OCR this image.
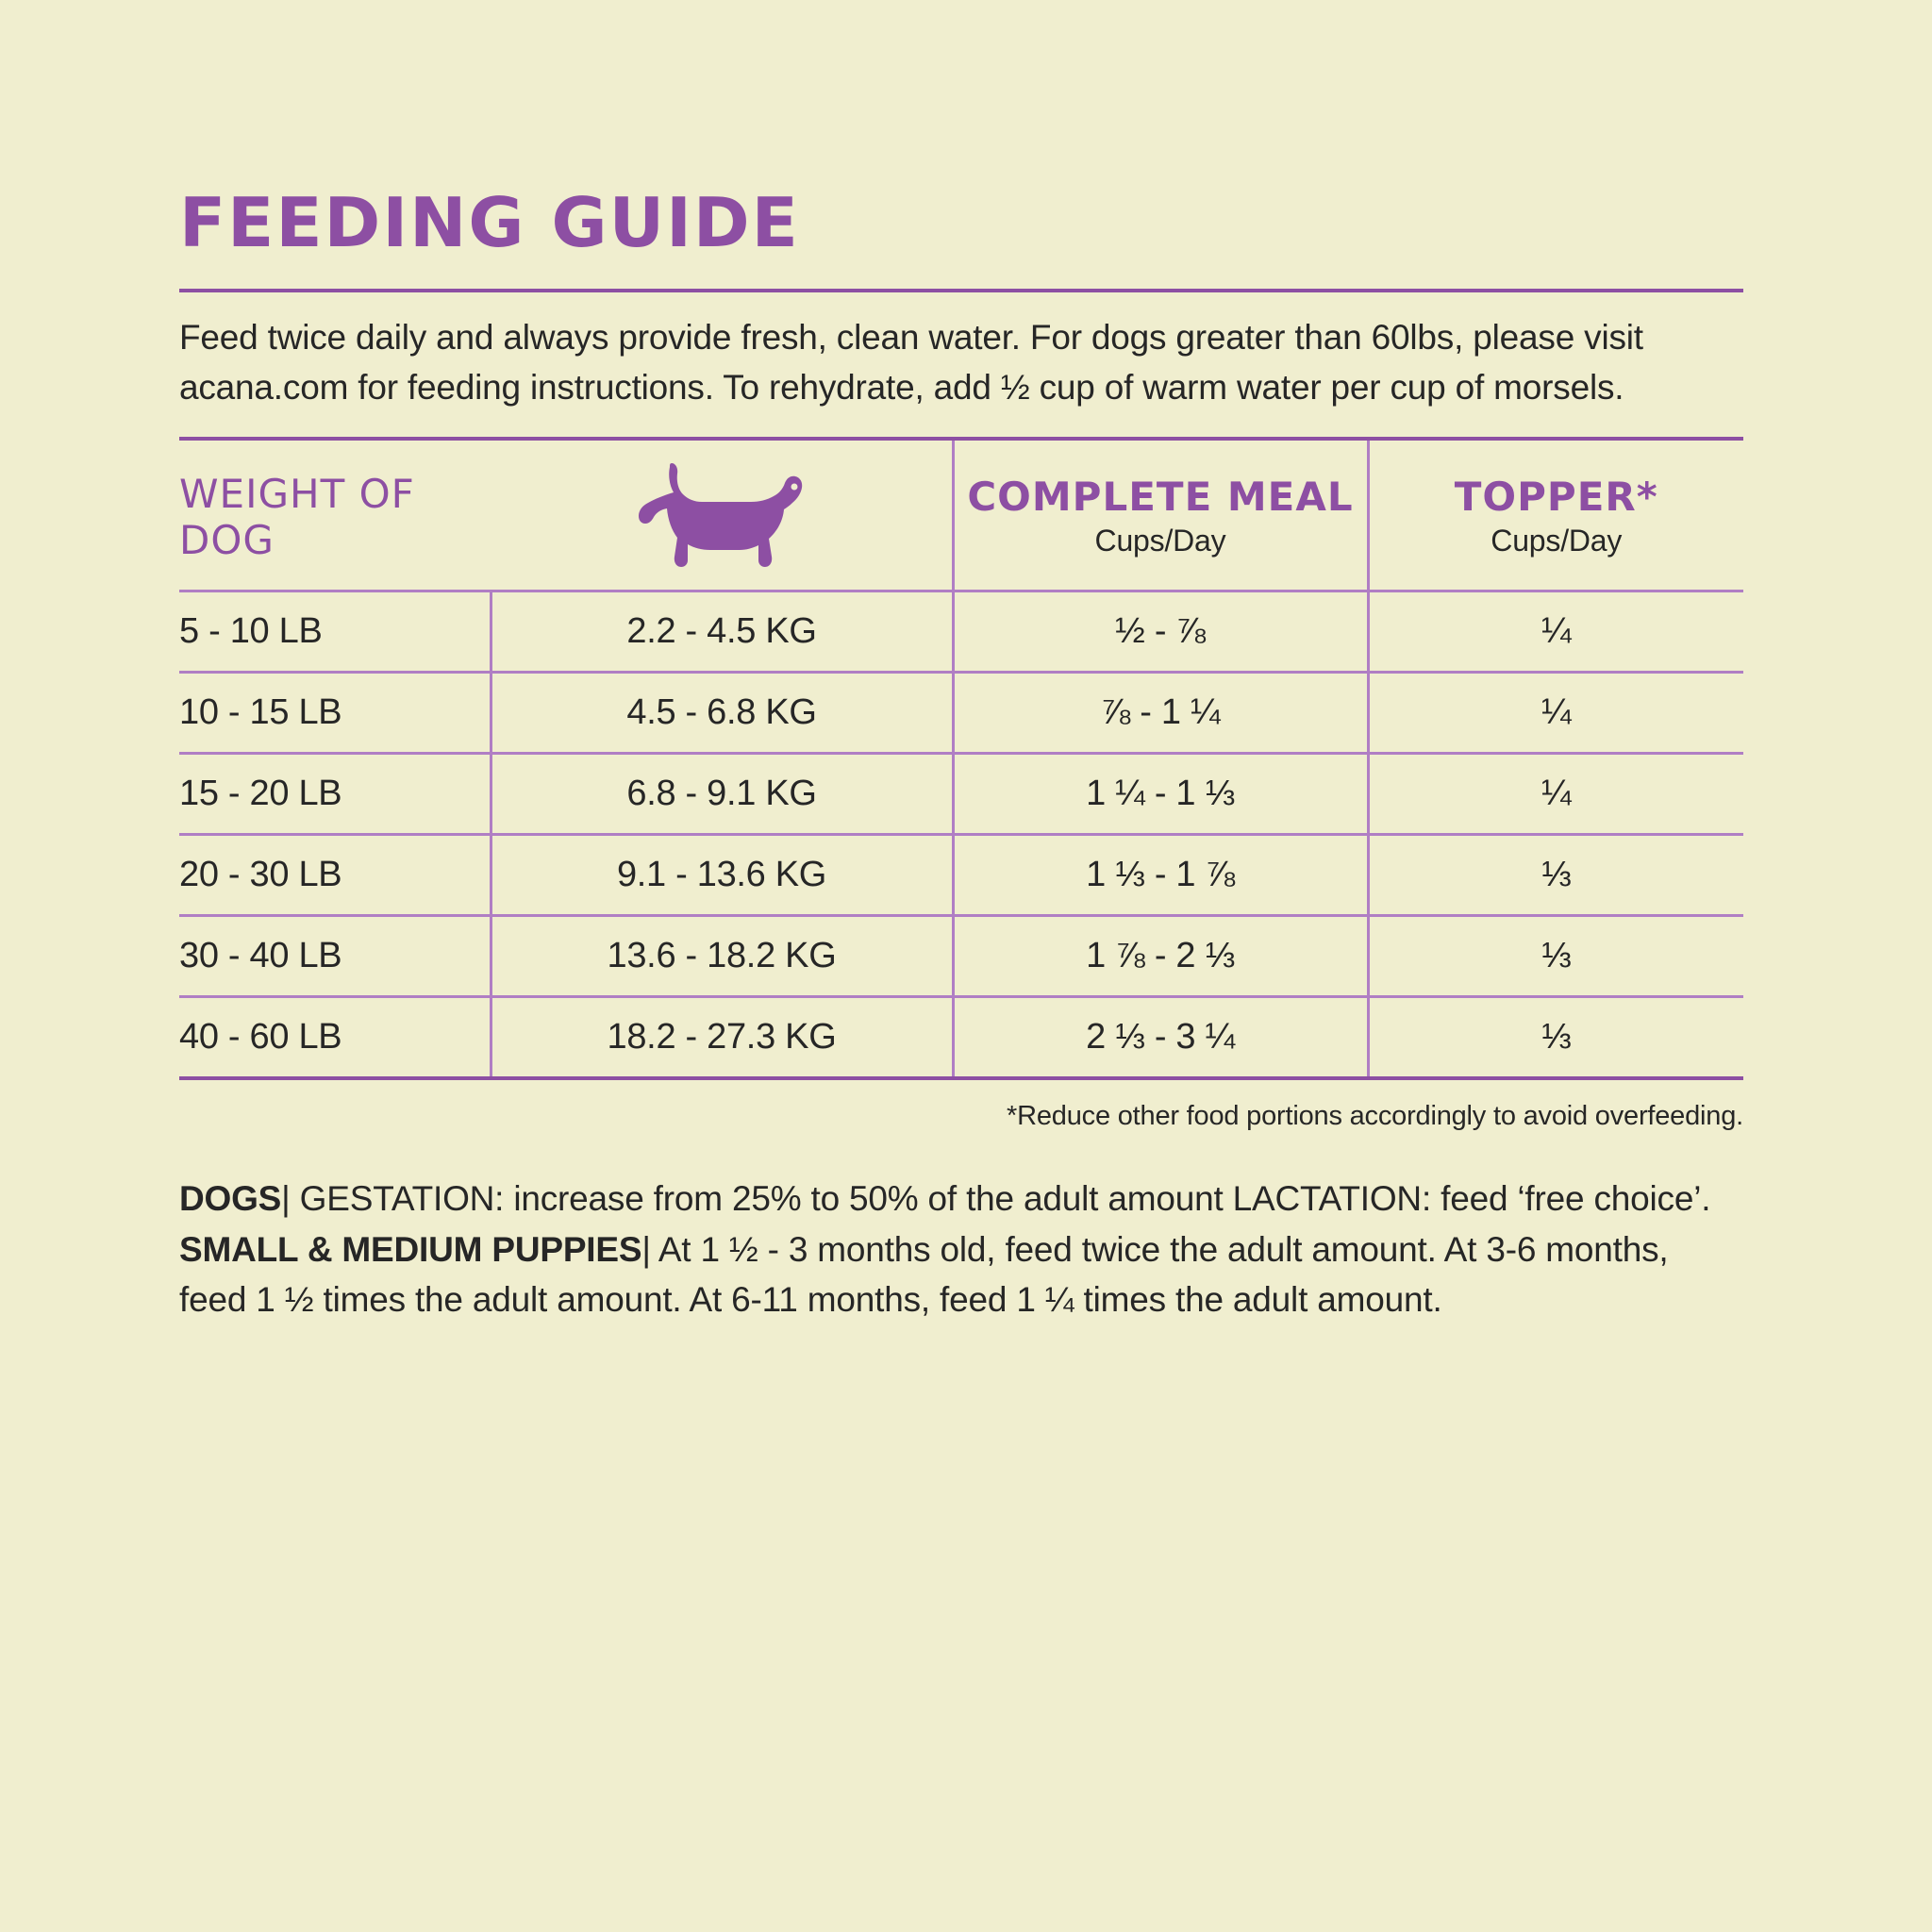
FEEDING GUIDE

Feed twice daily and always provide fresh, clean water. For dogs greater than 60lbs, please visit acana.com for feeding instructions. To rehydrate, add ½ cup of warm water per cup of morsels.

WEIGHT OF DOG	

COMPLETE MEAL
Cups/Day

TOPPER*
Cups/Day

5 - 10 LB	2.2 - 4.5 KG	½ - ⅞	¼
10 - 15 LB	4.5 - 6.8 KG	⅞ - 1 ¼	¼
15 - 20 LB	6.8 - 9.1 KG	1 ¼ - 1 ⅓	¼
20 - 30 LB	9.1 - 13.6 KG	1 ⅓ - 1 ⅞	⅓
30 - 40 LB	13.6 - 18.2 KG	1 ⅞ - 2 ⅓	⅓
40 - 60 LB	18.2 - 27.3 KG	2 ⅓ - 3 ¼	⅓
*Reduce other food portions accordingly to avoid overfeeding.
DOGS| GESTATION: increase from 25% to 50% of the adult amount LACTATION: feed ‘free choice’. SMALL & MEDIUM PUPPIES| At 1 ½ - 3 months old, feed twice the adult amount. At 3-6 months, feed 1 ½ times the adult amount. At 6-11 months, feed 1 ¼ times the adult amount.
